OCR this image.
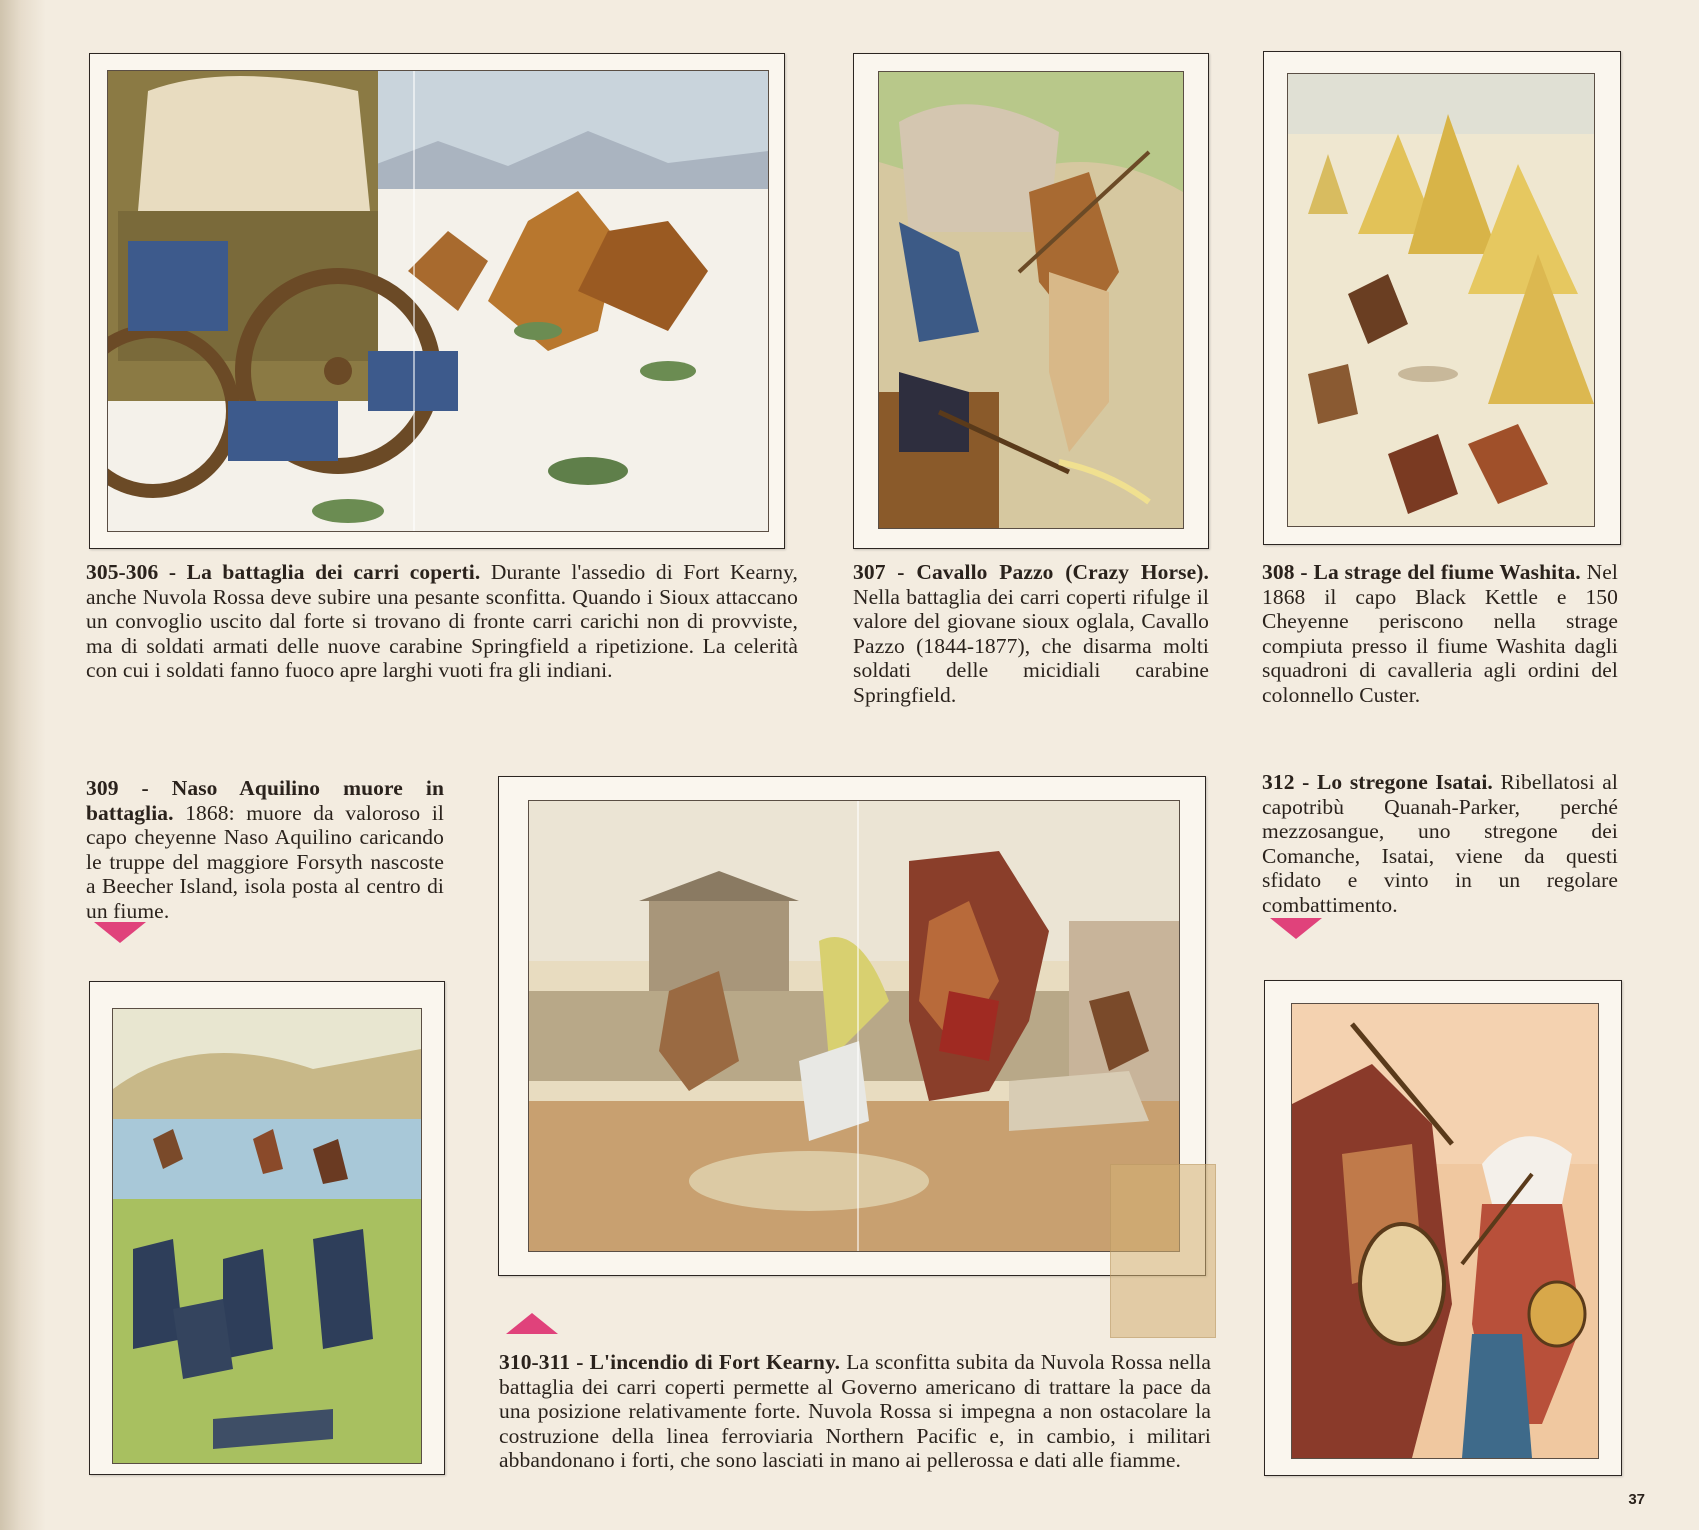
305-306 - La battaglia dei carri coperti. Durante l'assedio di Fort Kearny, anche Nuvola Rossa deve subire una pesante sconfitta. Quando i Sioux attaccano un convoglio uscito dal forte si trovano di fronte carri carichi non di provviste, ma di soldati armati delle nuove carabine Springfield a ripetizione. La celerità con cui i soldati fanno fuoco apre larghi vuoti fra gli indiani.
307 - Cavallo Pazzo (Crazy Horse). Nella battaglia dei carri coperti rifulge il valore del giovane sioux oglala, Cavallo Pazzo (1844-1877), che disarma molti soldati delle micidiali carabine Springfield.
308 - La strage del fiume Washita. Nel 1868 il capo Black Kettle e 150 Cheyenne periscono nella strage compiuta presso il fiume Washita dagli squadroni di cavalleria agli ordini del colonnello Custer.
309 - Naso Aquilino muore in battaglia. 1868: muore da valoroso il capo cheyenne Naso Aquilino caricando le truppe del maggiore Forsyth nascoste a Beecher Island, isola posta al centro di un fiume.
310-311 - L'incendio di Fort Kearny. La sconfitta subita da Nuvola Rossa nella battaglia dei carri coperti permette al Governo americano di trattare la pace da una posizione relativamente forte. Nuvola Rossa si impegna a non ostacolare la costruzione della linea ferroviaria Northern Pacific e, in cambio, i militari abbandonano i forti, che sono lasciati in mano ai pellerossa e dati alle fiamme.
312 - Lo stregone Isatai. Ribellatosi al capotribù Quanah-Parker, perché mezzosangue, uno stregone dei Comanche, Isatai, viene da questi sfidato e vinto in un regolare combattimento.
37
